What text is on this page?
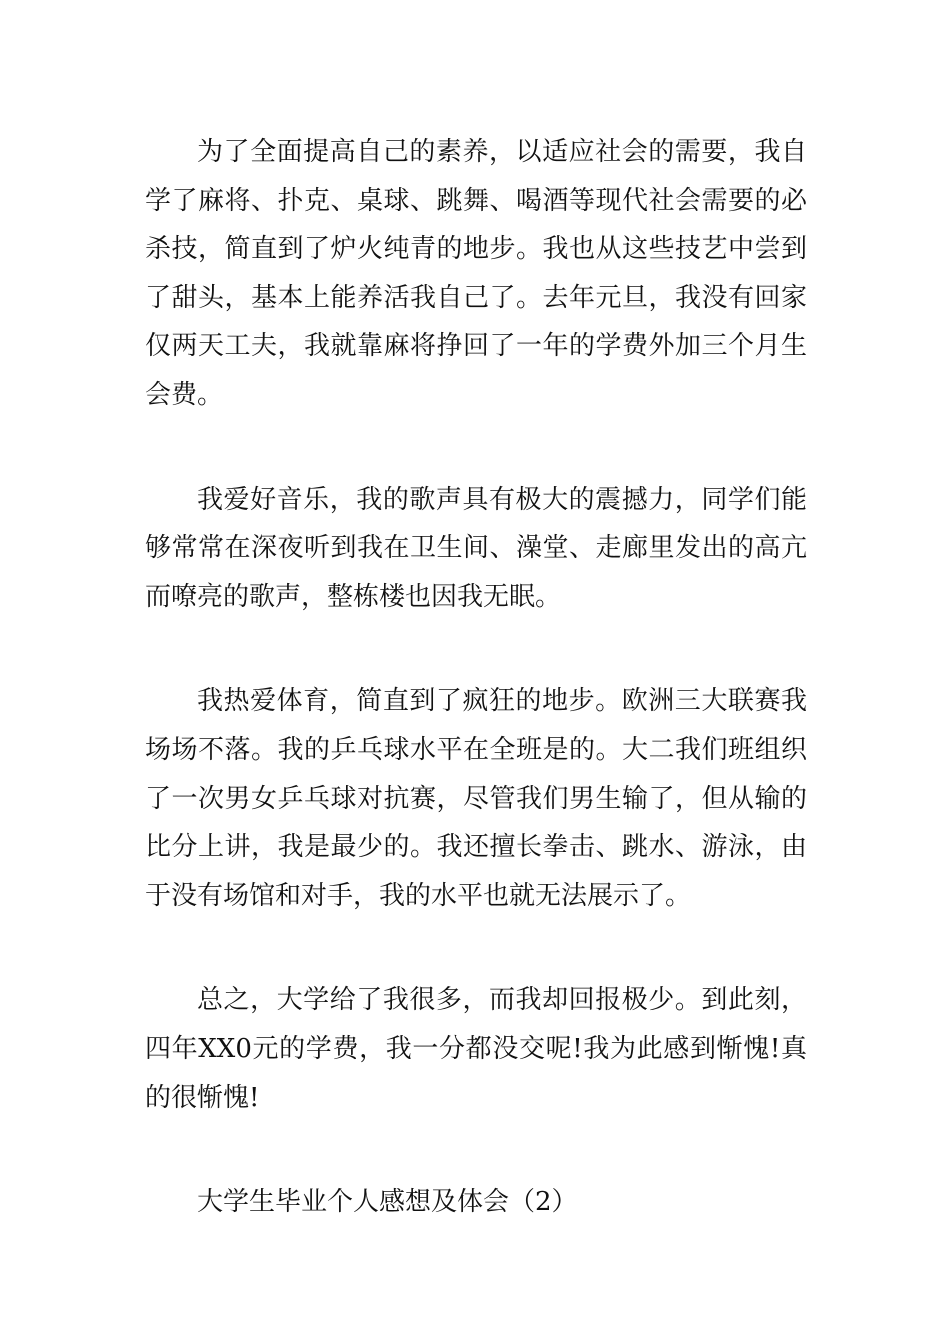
为了全面提高自己的素养，以适应社会的需要，我自学了麻将、扑克、桌球、跳舞、喝酒等现代社会需要的必杀技，简直到了炉火纯青的地步。我也从这些技艺中尝到了甜头，基本上能养活我自己了。去年元旦，我没有回家仅两天工夫，我就靠麻将挣回了一年的学费外加三个月生会费。

我爱好音乐，我的歌声具有极大的震撼力，同学们能够常常在深夜听到我在卫生间、澡堂、走廊里发出的高亢而嘹亮的歌声，整栋楼也因我无眠。

我热爱体育，简直到了疯狂的地步。欧洲三大联赛我场场不落。我的乒乓球水平在全班是的。大二我们班组织了一次男女乒乓球对抗赛，尽管我们男生输了，但从输的比分上讲，我是最少的。我还擅长拳击、跳水、游泳，由于没有场馆和对手，我的水平也就无法展示了。

总之，大学给了我很多，而我却回报极少。到此刻，四年XX0元的学费，我一分都没交呢!我为此感到惭愧!真的很惭愧!

大学生毕业个人感想及体会（2）
